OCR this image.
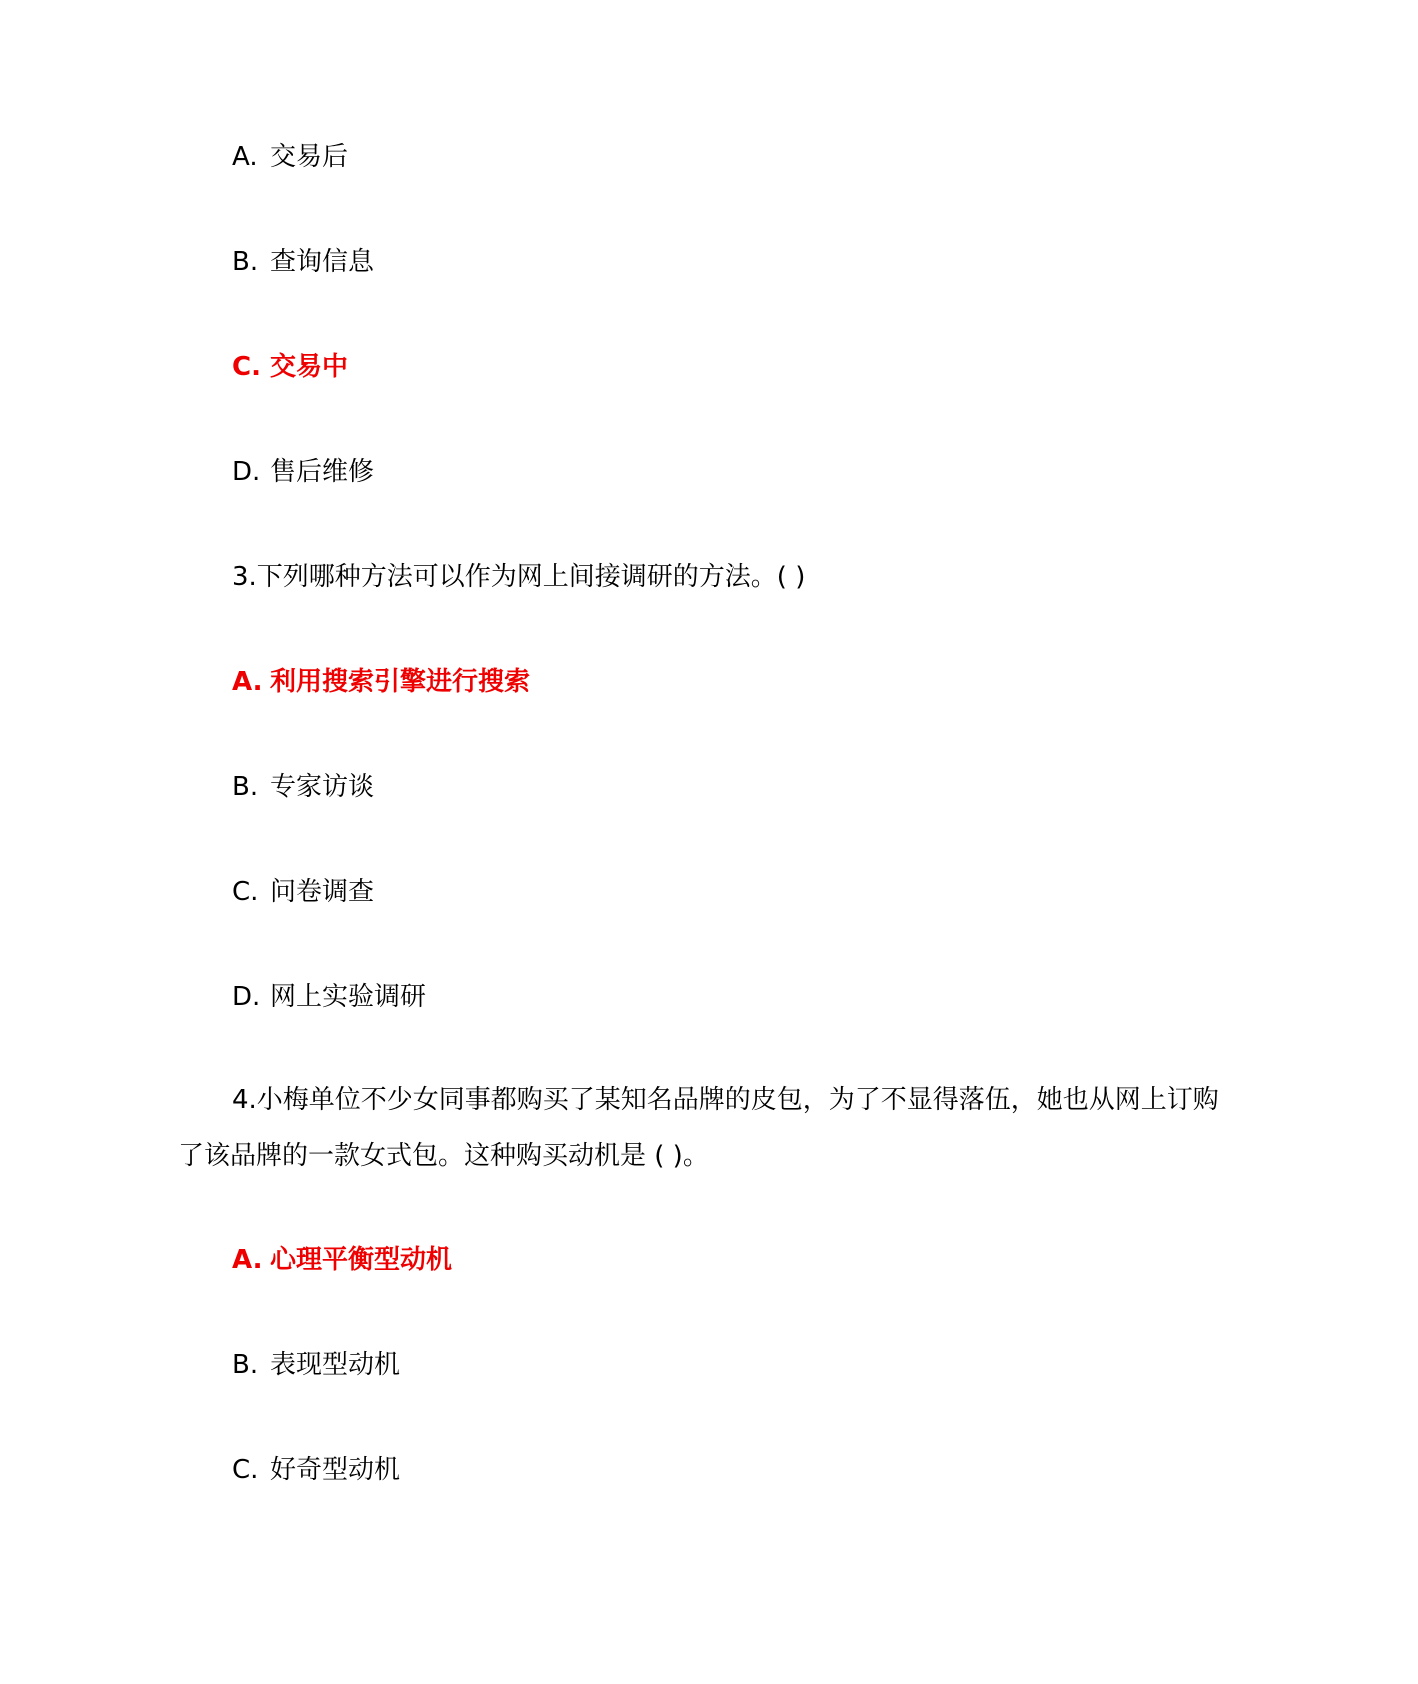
A. 交易后
B. 查询信息
C. 交易中
D. 售后维修
3.下列哪种方法可以作为网上间接调研的方法。( )
A. 利用搜索引擎进行搜索
B. 专家访谈
C. 问卷调查
D. 网上实验调研
4.小梅单位不少女同事都购买了某知名品牌的皮包，为了不显得落伍，她也从网上订购了该品牌的一款女式包。这种购买动机是 ( )。
A. 心理平衡型动机
B. 表现型动机
C. 好奇型动机
